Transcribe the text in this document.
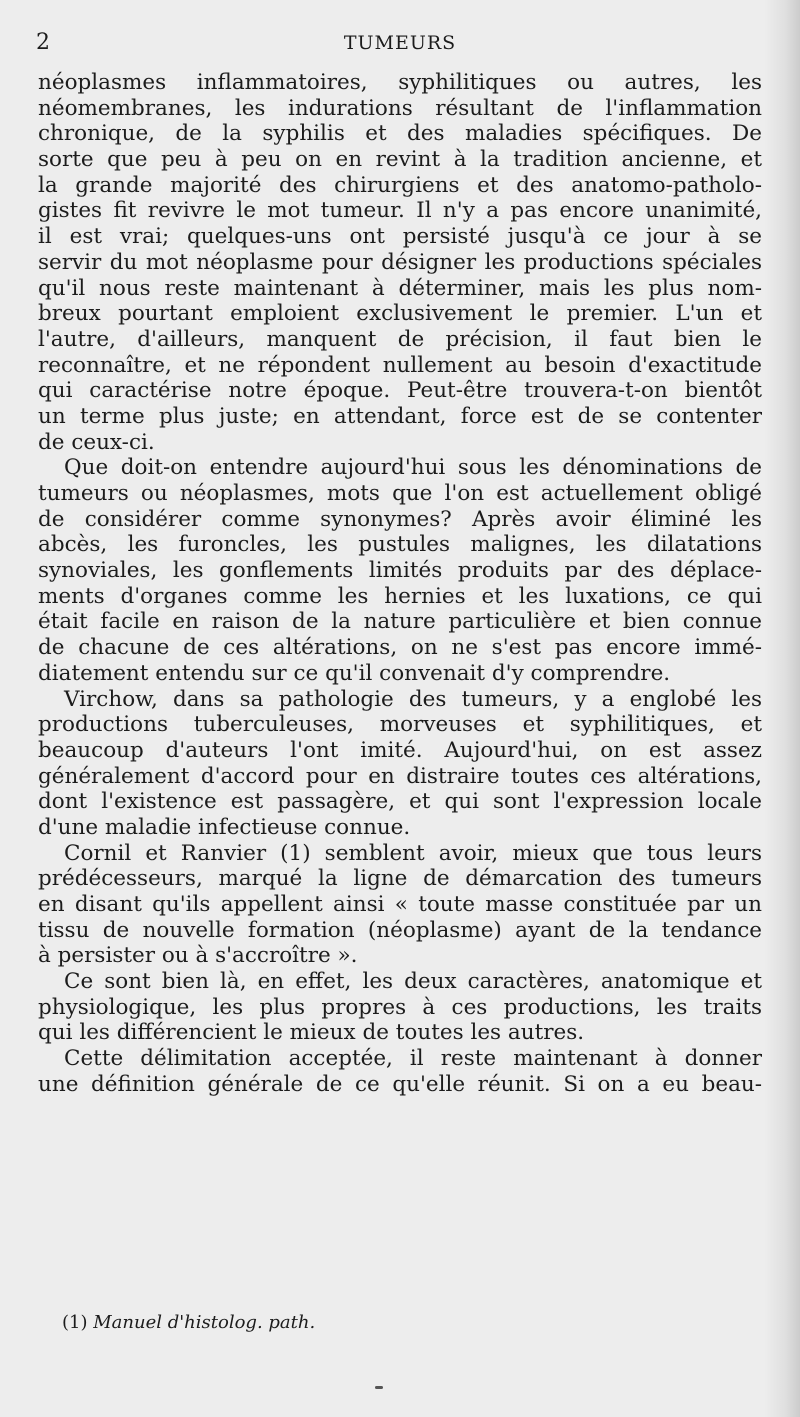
2	TUMEURS
néoplasmes inflammatoires, syphilitiques ou autres, les
néomembranes, les indurations résultant de l'inflammation
chronique, de la syphilis et des maladies spécifiques. De
sorte que peu à peu on en revint à la tradition ancienne, et
la grande majorité des chirurgiens et des anatomo-patholo-
gistes fit revivre le mot tumeur. Il n'y a pas encore unanimité,
il est vrai; quelques-uns ont persisté jusqu'à ce jour à se
servir du mot néoplasme pour désigner les productions spéciales
qu'il nous reste maintenant à déterminer, mais les plus nom-
breux pourtant emploient exclusivement le premier. L'un et
l'autre, d'ailleurs, manquent de précision, il faut bien le
reconnaître, et ne répondent nullement au besoin d'exactitude
qui caractérise notre époque. Peut-être trouvera-t-on bientôt
un terme plus juste; en attendant, force est de se contenter
de ceux-ci.
Que doit-on entendre aujourd'hui sous les dénominations de
tumeurs ou néoplasmes, mots que l'on est actuellement obligé
de considérer comme synonymes? Après avoir éliminé les
abcès, les furoncles, les pustules malignes, les dilatations
synoviales, les gonflements limités produits par des déplace-
ments d'organes comme les hernies et les luxations, ce qui
était facile en raison de la nature particulière et bien connue
de chacune de ces altérations, on ne s'est pas encore immé-
diatement entendu sur ce qu'il convenait d'y comprendre.
Virchow, dans sa pathologie des tumeurs, y a englobé les
productions tuberculeuses, morveuses et syphilitiques, et
beaucoup d'auteurs l'ont imité. Aujourd'hui, on est assez
généralement d'accord pour en distraire toutes ces altérations,
dont l'existence est passagère, et qui sont l'expression locale
d'une maladie infectieuse connue.
Cornil et Ranvier (1) semblent avoir, mieux que tous leurs
prédécesseurs, marqué la ligne de démarcation des tumeurs
en disant qu'ils appellent ainsi « toute masse constituée par un
tissu de nouvelle formation (néoplasme) ayant de la tendance
à persister ou à s'accroître ».
Ce sont bien là, en effet, les deux caractères, anatomique et
physiologique, les plus propres à ces productions, les traits
qui les différencient le mieux de toutes les autres.
Cette délimitation acceptée, il reste maintenant à donner
une définition générale de ce qu'elle réunit. Si on a eu beau-
(1) Manuel d'histolog. path.
